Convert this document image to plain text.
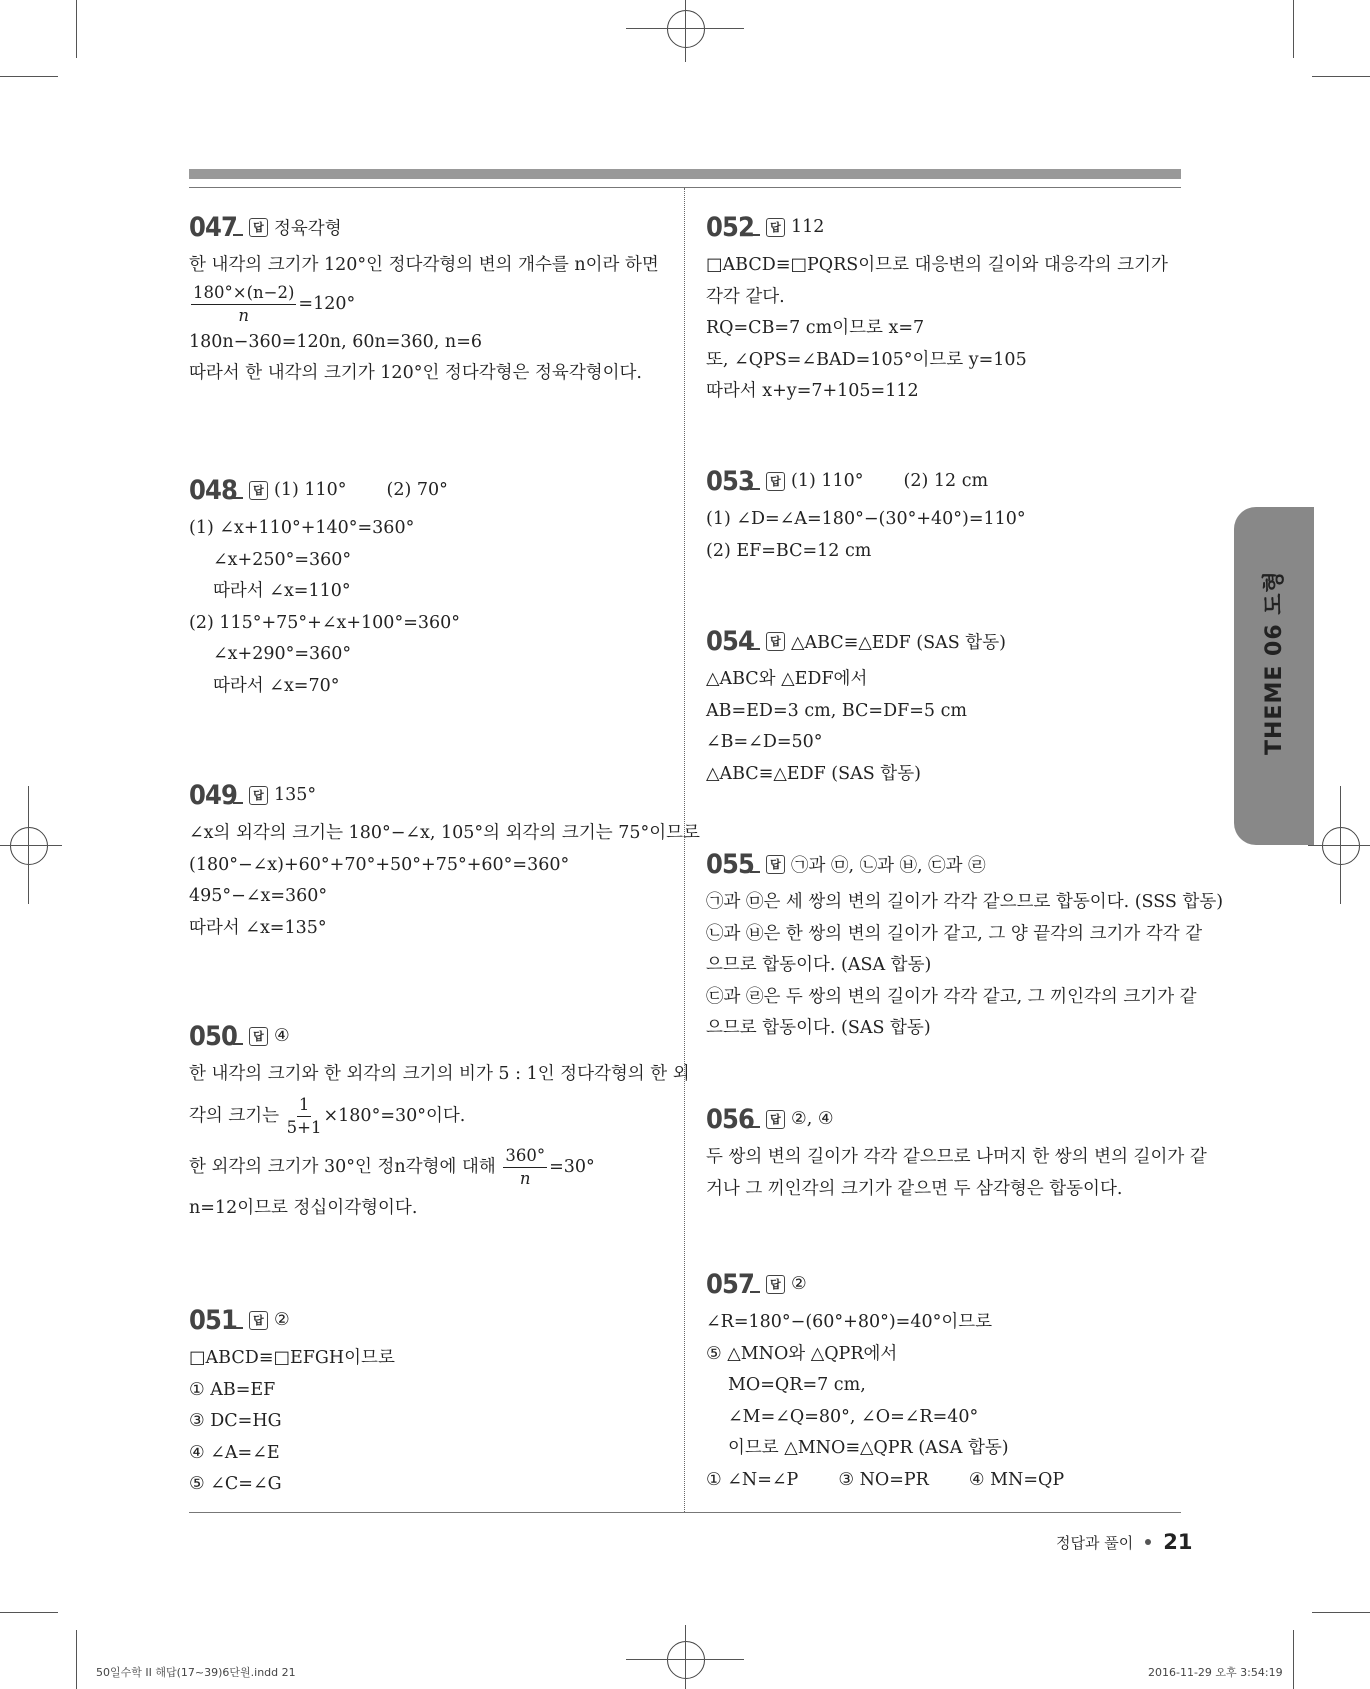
047	답 정육각형
한 내각의 크기가 120°인 정다각형의 변의 개수를 n이라 하면
$\frac{180^\circ\times(n-2)}{n} =120^\circ$
180n−360=120n, 60n=360, n=6
따라서 한 내각의 크기가 120°인 정다각형은 정육각형이다.
048	답 (1) 110° (2) 70°
(1) ∠x+110°+140°=360°
∠x+250°=360°
따라서 ∠x=110°
(2) 115°+75°+∠x+100°=360°
∠x+290°=360°
따라서 ∠x=70°
049	답 135°
∠x의 외각의 크기는 180°−∠x, 105°의 외각의 크기는 75°이므로
(180°−∠x)+60°+70°+50°+75°+60°=360°
495°−∠x=360°
따라서 ∠x=135°
050	답 ④
한 내각의 크기와 한 외각의 크기의 비가 5 : 1인 정다각형의 한 외
각의 크기는 $\frac{1}{5+1} \times 180^\circ=30^\circ$이다.
한 외각의 크기가 30°인 정n각형에 대해 $\frac{360^\circ}{n} =30^\circ$
n=12이므로 정십이각형이다.
051	답 ②
□ABCD≡□EFGH이므로
① AB=EF
③ DC=HG
④ ∠A=∠E
⑤ ∠C=∠G
052	답 112
□ABCD≡□PQRS이므로 대응변의 길이와 대응각의 크기가
각각 같다.
RQ=CB=7 cm이므로 x=7
또, ∠QPS=∠BAD=105°이므로 y=105
따라서 x+y=7+105=112
053	답 (1) 110° (2) 12 cm
(1) ∠D=∠A=180°−(30°+40°)=110°
(2) EF=BC=12 cm
054	답 △ABC≡△EDF (SAS 합동)
△ABC와 △EDF에서
AB=ED=3 cm, BC=DF=5 cm
∠B=∠D=50°
△ABC≡△EDF (SAS 합동)
055	답 ㉠과 ㉤, ㉡과 ㉥, ㉢과 ㉣
㉠과 ㉤은 세 쌍의 변의 길이가 각각 같으므로 합동이다. (SSS 합동)
㉡과 ㉥은 한 쌍의 변의 길이가 같고, 그 양 끝각의 크기가 각각 같
으므로 합동이다. (ASA 합동)
㉢과 ㉣은 두 쌍의 변의 길이가 각각 같고, 그 끼인각의 크기가 같
으므로 합동이다. (SAS 합동)
056	답 ②, ④
두 쌍의 변의 길이가 각각 같으므로 나머지 한 쌍의 변의 길이가 같
거나 그 끼인각의 크기가 같으면 두 삼각형은 합동이다.
057	답 ②
∠R=180°−(60°+80°)=40°이므로
⑤ △MNO와 △QPR에서
MO=QR=7 cm,
∠M=∠Q=80°, ∠O=∠R=40°
이므로 △MNO≡△QPR (ASA 합동)
① ∠N=∠P ③ NO=PR ④ MN=QP
THEME 06 도형
정답과 풀이 21
50일수학 II 해답(17~39)6단원.indd 21	2016-11-29 오후 3:54:19
